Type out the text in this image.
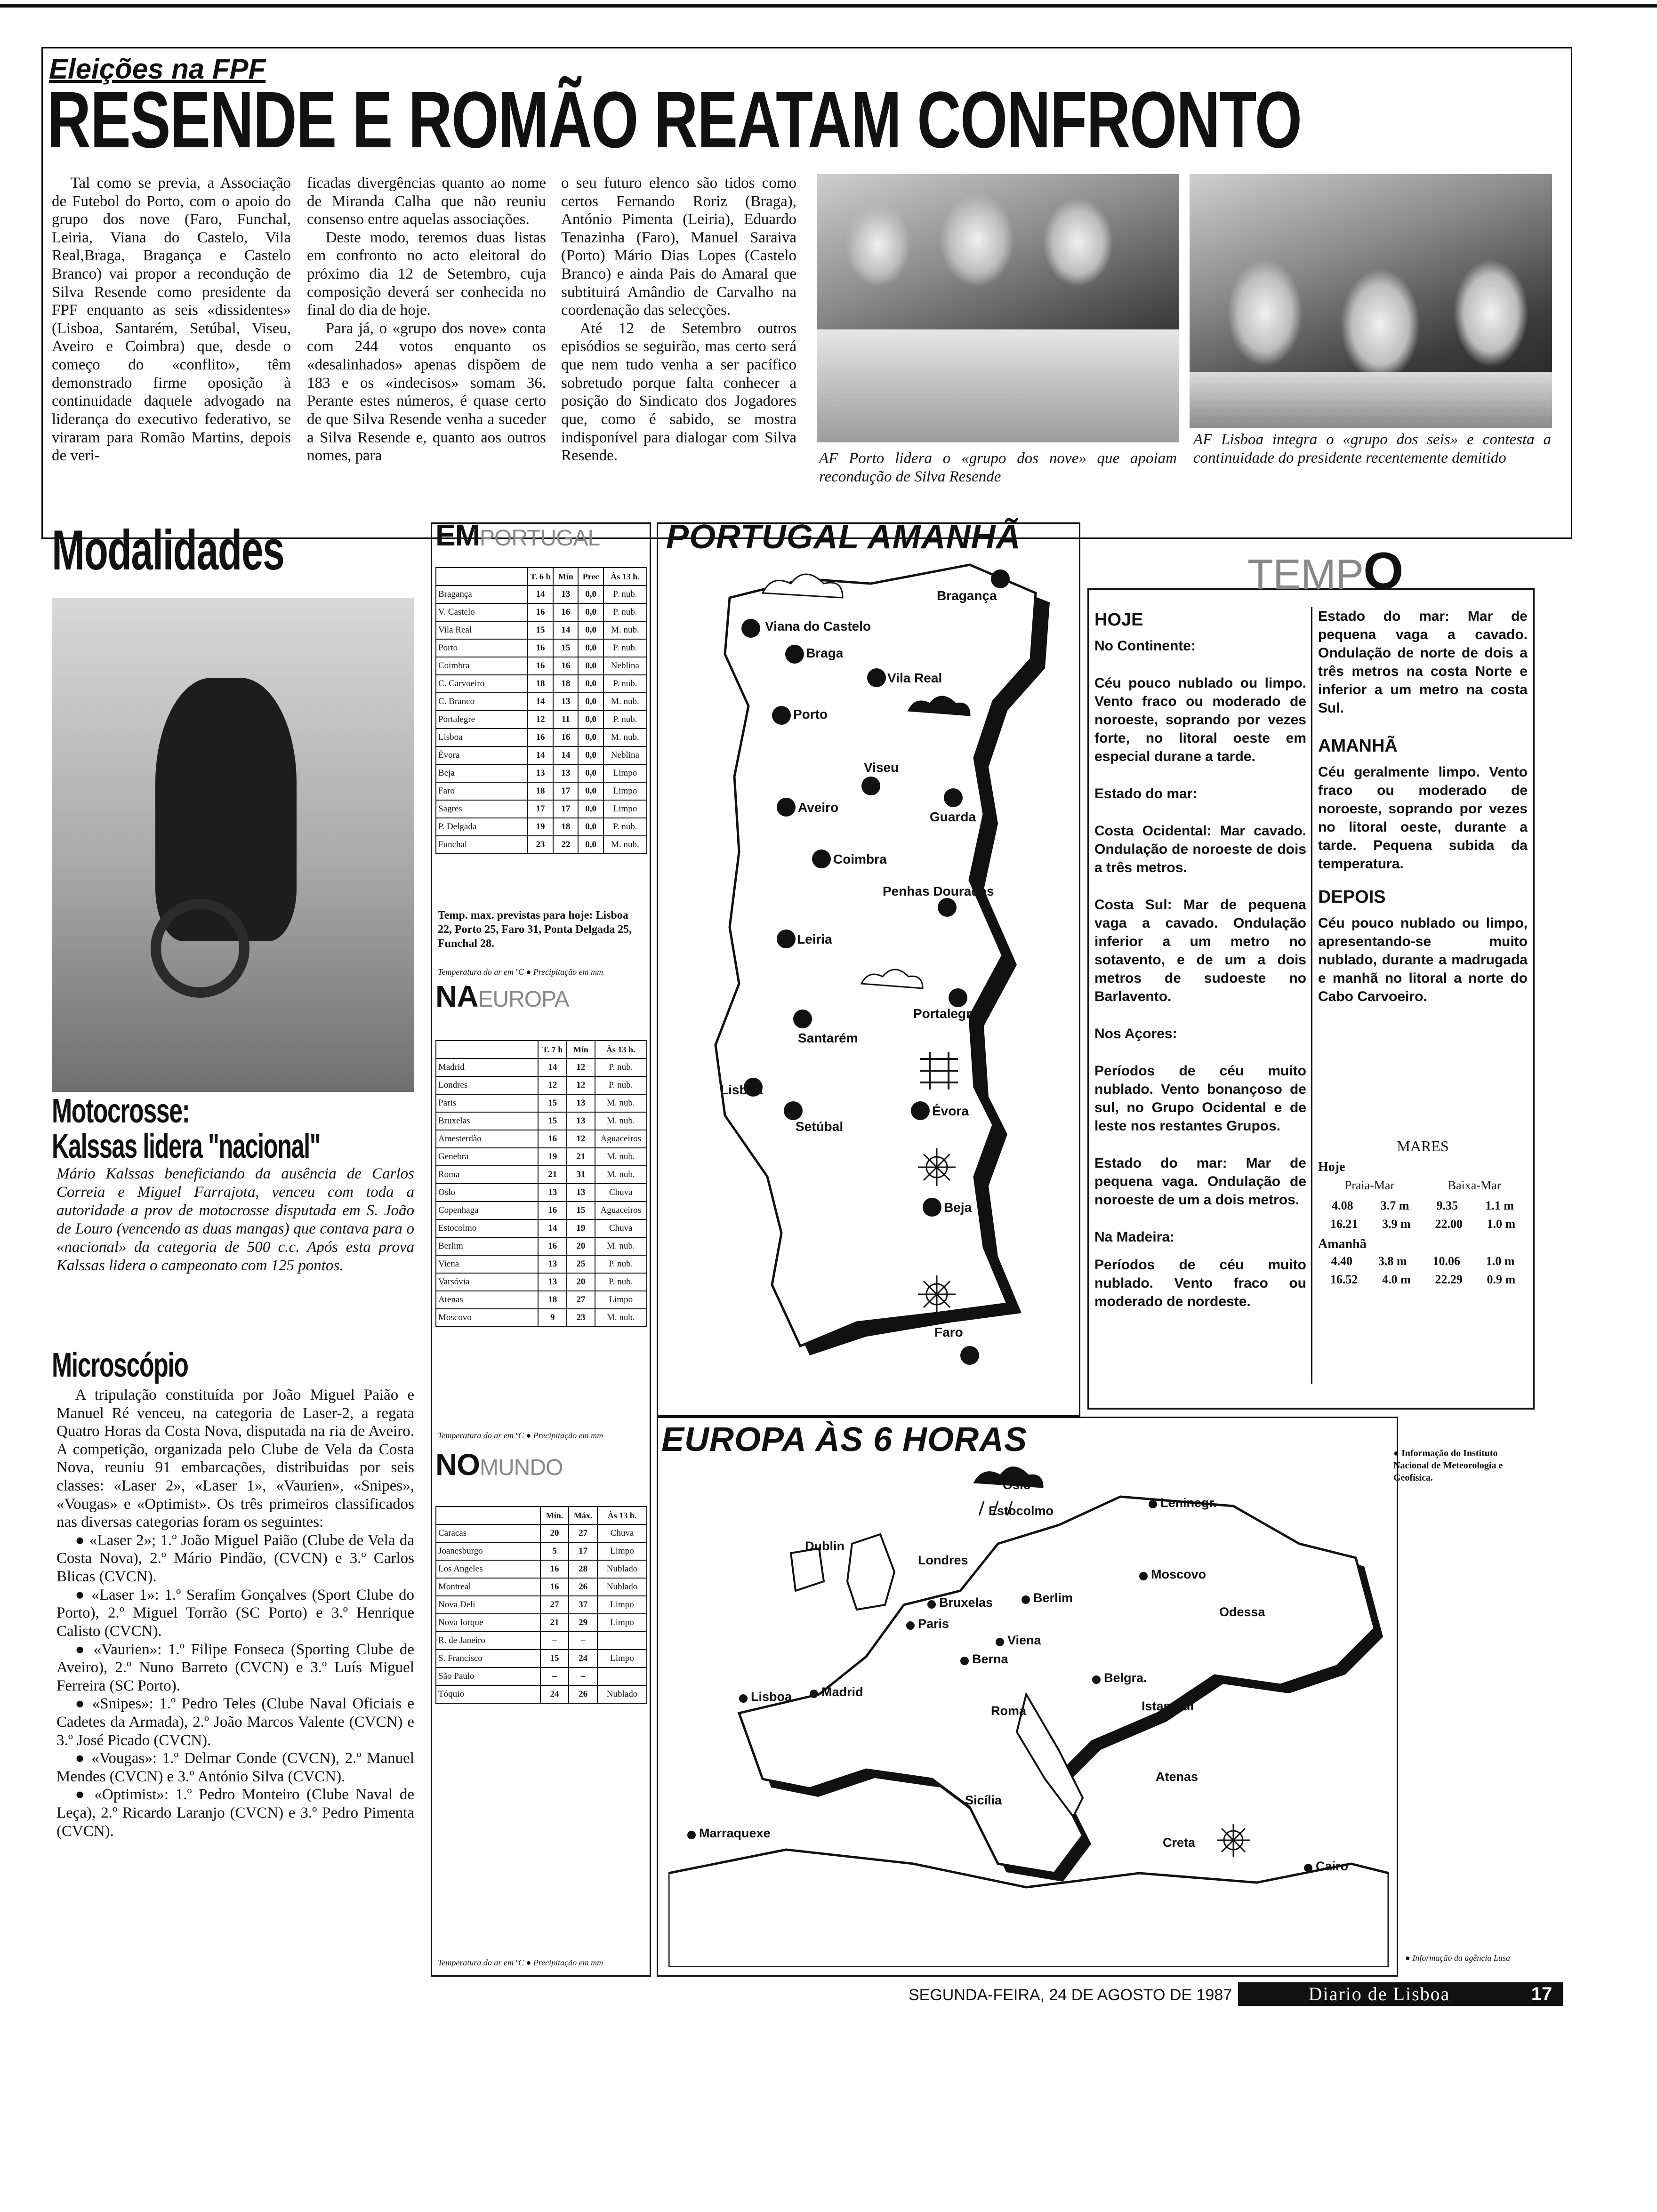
Eleições na FPF
RESENDE E ROMÃO REATAM CONFRONTO

Tal como se previa, a Associação de Futebol do Porto, com o apoio do grupo dos nove (Faro, Funchal, Leiria, Viana do Castelo, Vila Real,Braga, Bragança e Castelo Branco) vai propor a recondução de Silva Resende como presidente da FPF enquanto as seis «dissidentes» (Lisboa, Santarém, Setúbal, Viseu, Aveiro e Coimbra) que, desde o começo do «conflito», têm demonstrado firme oposição à continuidade daquele advogado na liderança do executivo federativo, se viraram para Romão Martins, depois de veri-

ficadas divergências quanto ao nome de Miranda Calha que não reuniu consenso entre aquelas associações.

Deste modo, teremos duas listas em confronto no acto eleitoral do próximo dia 12 de Setembro, cuja composição deverá ser conhecida no final do dia de hoje.

Para já, o «grupo dos nove» conta com 244 votos enquanto os «desalinhados» apenas dispõem de 183 e os «indecisos» somam 36. Perante estes números, é quase certo de que Silva Resende venha a suceder a Silva Resende e, quanto aos outros nomes, para

o seu futuro elenco são tidos como certos Fernando Roriz (Braga), António Pimenta (Leiria), Eduardo Tenazinha (Faro), Manuel Saraiva (Porto) Mário Dias Lopes (Castelo Branco) e ainda Pais do Amaral que subtituirá Amândio de Carvalho na coordenação das selecções.

Até 12 de Setembro outros episódios se seguirão, mas certo será que nem tudo venha a ser pacífico sobretudo porque falta conhecer a posição do Sindicato dos Jogadores que, como é sabido, se mostra indisponível para dialogar com Silva Resende.	AF Porto lidera o «grupo dos nove» que apoiam recondução de Silva Resende
AF Lisboa integra o «grupo dos seis» e contesta a continuidade do presidente recentemente demitido
Modalidades
Motocrosse:
Kalssas lidera "nacional"
Mário Kalssas beneficiando da ausência de Carlos Correia e Miguel Farrajota, venceu com toda a autoridade a prov de motocrosse disputada em S. João de Louro (vencendo as duas mangas) que contava para o «nacional» da categoria de 500 c.c. Após esta prova Kalssas lidera o campeonato com 125 pontos.
Microscópio

A tripulação constituída por João Miguel Paião e Manuel Ré venceu, na categoria de Laser-2, a regata Quatro Horas da Costa Nova, disputada na ria de Aveiro. A competição, organizada pelo Clube de Vela da Costa Nova, reuniu 91 embarcações, distribuidas por seis classes: «Laser 2», «Laser 1», «Vaurien», «Snipes», «Vougas» e «Optimist». Os três primeiros classificados nas diversas categorias foram os seguintes:

● «Laser 2»; 1.º João Miguel Paião (Clube de Vela da Costa Nova), 2.º Mário Pindão, (CVCN) e 3.º Carlos Blicas (CVCN).

● «Laser 1»: 1.º Serafim Gonçalves (Sport Clube do Porto), 2.º Miguel Torrão (SC Porto) e 3.º Henrique Calisto (CVCN).

● «Vaurien»: 1.º Filipe Fonseca (Sporting Clube de Aveiro), 2.º Nuno Barreto (CVCN) e 3.º Luís Miguel Ferreira (SC Porto).

● «Snipes»: 1.º Pedro Teles (Clube Naval Oficiais e Cadetes da Armada), 2.º João Marcos Valente (CVCN) e 3.º José Picado (CVCN).

● «Vougas»: 1.º Delmar Conde (CVCN), 2.º Manuel Mendes (CVCN) e 3.º António Silva (CVCN).

● «Optimist»: 1.º Pedro Monteiro (Clube Naval de Leça), 2.º Ricardo Laranjo (CVCN) e 3.º Pedro Pimenta (CVCN).

EMPORTUGAL
	T. 6 h	Mín	Prec	Às 13 h.
Bragança	14	13	0,0	P. nub.
V. Castelo	16	16	0,0	P. nub.
Vila Real	15	14	0,0	M. nub.
Porto	16	15	0,0	P. nub.
Coimbra	16	16	0,0	Neblina
C. Carvoeiro	18	18	0,0	P. nub.
C. Branco	14	13	0,0	M. nub.
Portalegre	12	11	0,0	P. nub.
Lisboa	16	16	0,0	M. nub.
Évora	14	14	0,0	Neblina
Beja	13	13	0,0	Limpo
Faro	18	17	0,0	Limpo
Sagres	17	17	0,0	Limpo
P. Delgada	19	18	0,0	P. nub.
Funchal	23	22	0,0	M. nub.
Temp. max. previstas para hoje: Lisboa 22, Porto 25, Faro 31, Ponta Delgada 25, Funchal 28.
Temperatura do ar em ºC ● Precipitação em mm
NAEUROPA
	T. 7 h	Mín	Às 13 h.
Madrid	14	12	P. nub.
Londres	12	12	P. nub.
Paris	15	13	M. nub.
Bruxelas	15	13	M. nub.
Amesterdão	16	12	Aguaceiros
Genebra	19	21	M. nub.
Roma	21	31	M. nub.
Oslo	13	13	Chuva
Copenhaga	16	15	Aguaceiros
Estocolmo	14	19	Chuva
Berlim	16	20	M. nub.
Viena	13	25	P. nub.
Varsóvia	13	20	P. nub.
Atenas	18	27	Limpo
Moscovo	9	23	M. nub.
Temperatura do ar em ºC ● Precipitação em mm
NOMUNDO
	Mín.	Máx.	Às 13 h.
Caracas	20	27	Chuva
Joanesburgo	5	17	Limpo
Los Angeles	16	28	Nublado
Montreal	16	26	Nublado
Nova Deli	27	37	Limpo
Nova Iorque	21	29	Limpo
R. de Janeiro	–	–	
S. Francisco	15	24	Limpo
São Paulo	–	–	
Tóquio	24	26	Nublado
Temperatura do ar em ºC ● Precipitação em mm
PORTUGAL AMANHÃ
Bragança
Viana do Castelo
Braga
Vila Real
Porto
Viseu
Aveiro
Guarda
Coimbra
Penhas Douradas
Leiria
Portalegre
Santarém
Lisboa
Setúbal
Évora
Beja
Faro
TEMPO
HOJE
No Continente:
Céu pouco nublado ou limpo. Vento fraco ou moderado de noroeste, soprando por vezes forte, no litoral oeste em especial durane a tarde.
Estado do mar:
Costa Ocidental: Mar cavado. Ondulação de noroeste de dois a três metros.
Costa Sul: Mar de pequena vaga a cavado. Ondulação inferior a um metro no sotavento, e de um a dois metros de sudoeste no Barlavento.
Nos Açores:
Períodos de céu muito nublado. Vento bonançoso de sul, no Grupo Ocidental e de leste nos restantes Grupos.
Estado do mar: Mar de pequena vaga. Ondulação de noroeste de um a dois metros.
Na Madeira:
Períodos de céu muito nublado. Vento fraco ou moderado de nordeste.
Estado do mar: Mar de pequena vaga a cavado. Ondulação de norte de dois a três metros na costa Norte e inferior a um metro na costa Sul.
AMANHÃ
Céu geralmente limpo. Vento fraco ou moderado de noroeste, soprando por vezes no litoral oeste, durante a tarde. Pequena subida da temperatura.
DEPOIS
Céu pouco nublado ou limpo, apresentando-se muito nublado, durante a madrugada e manhã no litoral a norte do Cabo Carvoeiro.
MARES
Hoje
Praia-Mar	Baixa-Mar
4.08 3.7 m 9.35 1.1 m
16.21 3.9 m 22.00 1.0 m
Amanhã
4.40 3.8 m 10.06 1.0 m
16.52 4.0 m 22.29 0.9 m
● Informação do Instituto Nacional de Meteorologia e Geofísica.
EUROPA ÀS 6 HORAS
Oslo
Estocolmo
Leninegr.
Dublin
Londres
Moscovo
Bruxelas	Berlim
Odessa
Paris
Viena
Berna
Belgra.
Lisboa Madrid
Roma	Istambul
Atenas
Sicília
Marraquexe
Creta
Cairo
● Informação da agência Lusa
SEGUNDA-FEIRA, 24 DE AGOSTO DE 1987	Diario de Lisboa	17
